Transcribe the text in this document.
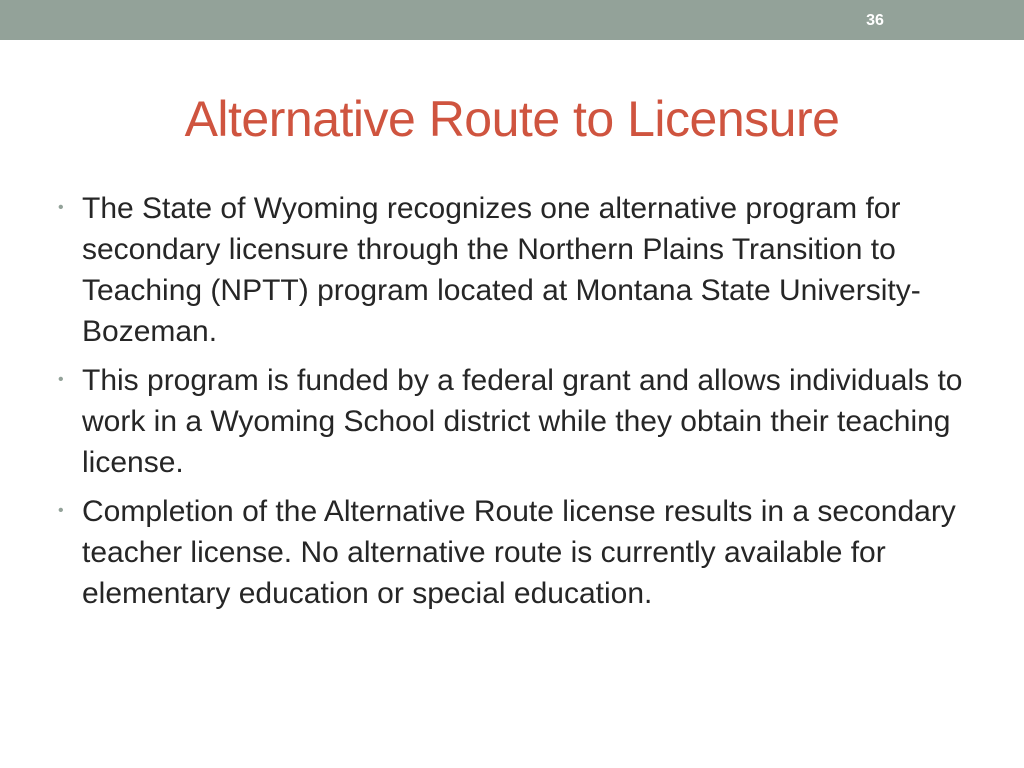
36
Alternative Route to Licensure
• The State of Wyoming recognizes one alternative program for secondary licensure through the Northern Plains Transition to Teaching (NPTT) program located at Montana State University-Bozeman.
• This program is funded by a federal grant and allows individuals to work in a Wyoming School district while they obtain their teaching license.
• Completion of the Alternative Route license results in a secondary teacher license. No alternative route is currently available for elementary education or special education.
